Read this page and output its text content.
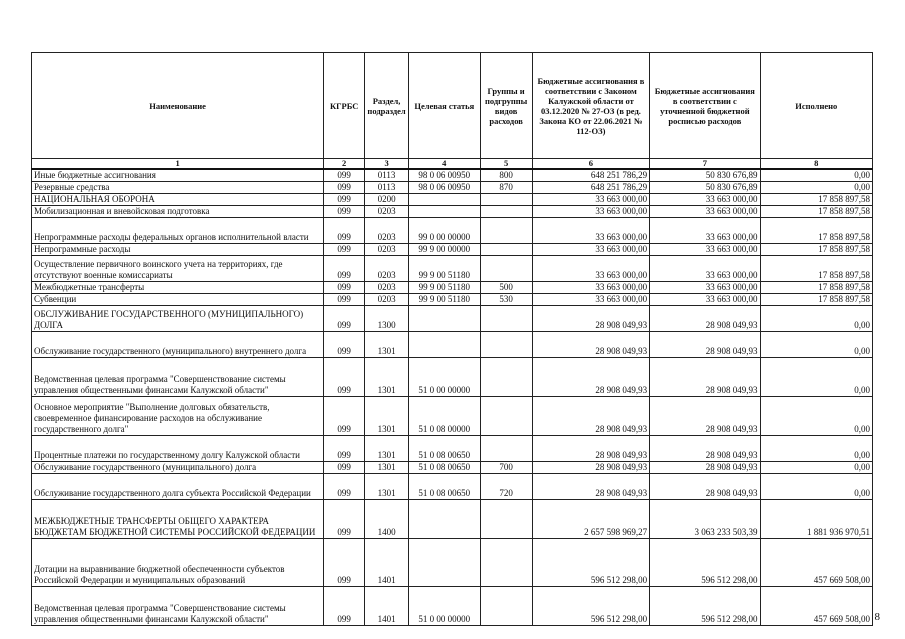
Наименование	КГРБС	Раздел, подраздел	Целевая статья	Группы и подгруппы видов расходов	Бюджетные ассигнования в соответствии с Законом Калужской области от 03.12.2020 № 27-ОЗ (в ред. Закона КО от 22.06.2021 № 112-ОЗ)	Бюджетные ассигнования в соответствии с уточненной бюджетной росписью расходов	Исполнено
1	2	3	4	5	6	7	8
Иные бюджетные ассигнования	099	0113	98 0 06 00950	800	648 251 786,29	50 830 676,89	0,00
Резервные средства	099	0113	98 0 06 00950	870	648 251 786,29	50 830 676,89	0,00
НАЦИОНАЛЬНАЯ ОБОРОНА	099	0200			33 663 000,00	33 663 000,00	17 858 897,58
Мобилизационная и вневойсковая подготовка	099	0203			33 663 000,00	33 663 000,00	17 858 897,58
Непрограммные расходы федеральных органов исполнительной власти	099	0203	99 0 00 00000		33 663 000,00	33 663 000,00	17 858 897,58
Непрограммные расходы	099	0203	99 9 00 00000		33 663 000,00	33 663 000,00	17 858 897,58
Осуществление первичного воинского учета на территориях, где отсутствуют военные комиссариаты	099	0203	99 9 00 51180		33 663 000,00	33 663 000,00	17 858 897,58
Межбюджетные трансферты	099	0203	99 9 00 51180	500	33 663 000,00	33 663 000,00	17 858 897,58
Субвенции	099	0203	99 9 00 51180	530	33 663 000,00	33 663 000,00	17 858 897,58
ОБСЛУЖИВАНИЕ ГОСУДАРСТВЕННОГО (МУНИЦИПАЛЬНОГО) ДОЛГА	099	1300			28 908 049,93	28 908 049,93	0,00
Обслуживание государственного (муниципального) внутреннего долга	099	1301			28 908 049,93	28 908 049,93	0,00
Ведомственная целевая программа "Совершенствование системы управления общественными финансами Калужской области"	099	1301	51 0 00 00000		28 908 049,93	28 908 049,93	0,00
Основное мероприятие "Выполнение долговых обязательств, своевременное финансирование расходов на обслуживание государственного долга"	099	1301	51 0 08 00000		28 908 049,93	28 908 049,93	0,00
Процентные платежи по государственному долгу Калужской области	099	1301	51 0 08 00650		28 908 049,93	28 908 049,93	0,00
Обслуживание государственного (муниципального) долга	099	1301	51 0 08 00650	700	28 908 049,93	28 908 049,93	0,00
Обслуживание государственного долга субъекта Российской Федерации	099	1301	51 0 08 00650	720	28 908 049,93	28 908 049,93	0,00
МЕЖБЮДЖЕТНЫЕ ТРАНСФЕРТЫ ОБЩЕГО ХАРАКТЕРА БЮДЖЕТАМ БЮДЖЕТНОЙ СИСТЕМЫ РОССИЙСКОЙ ФЕДЕРАЦИИ	099	1400			2 657 598 969,27	3 063 233 503,39	1 881 936 970,51
Дотации на выравнивание бюджетной обеспеченности субъектов Российской Федерации и муниципальных образований	099	1401			596 512 298,00	596 512 298,00	457 669 508,00
Ведомственная целевая программа "Совершенствование системы управления общественными финансами Калужской области"	099	1401	51 0 00 00000		596 512 298,00	596 512 298,00	457 669 508,00 8
